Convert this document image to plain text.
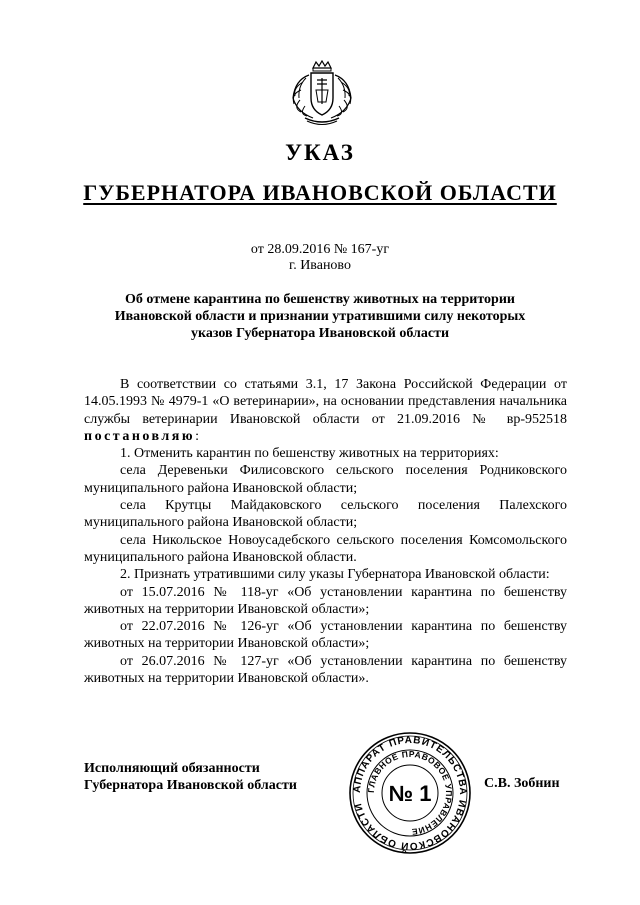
УКАЗ
ГУБЕРНАТОРА ИВАНОВСКОЙ ОБЛАСТИ
от 28.09.2016 № 167-уг
г. Иваново
Об отмене карантина по бешенству животных на территории Ивановской области и признании утратившими силу некоторых указов Губернатора Ивановской области

В соответствии со статьями 3.1, 17 Закона Российской Федерации от 14.05.1993 № 4979-1 «О ветеринарии», на основании представления начальника службы ветеринарии Ивановской области от 21.09.2016 № вр-952518 постановляю:

1. Отменить карантин по бешенству животных на территориях:

села Деревеньки Филисовского сельского поселения Родниковского муниципального района Ивановской области;

села Крутцы Майдаковского сельского поселения Палехского муниципального района Ивановской области;

села Никольское Новоусадебского сельского поселения Комсомольского муниципального района Ивановской области.

2. Признать утратившими силу указы Губернатора Ивановской области:

от 15.07.2016 № 118-уг «Об установлении карантина по бешенству животных на территории Ивановской области»;

от 22.07.2016 № 126-уг «Об установлении карантина по бешенству животных на территории Ивановской области»;

от 26.07.2016 № 127-уг «Об установлении карантина по бешенству животных на территории Ивановской области».

Исполняющий обязанности
Губернатора Ивановской области	АППАРАТ ПРАВИТЕЛЬСТВА ИВАНОВСКОЙ ОБЛАСТИ
ГЛАВНОЕ ПРАВОВОЕ УПРАВЛЕНИЕ
№ 1	С.В. Зобнин
